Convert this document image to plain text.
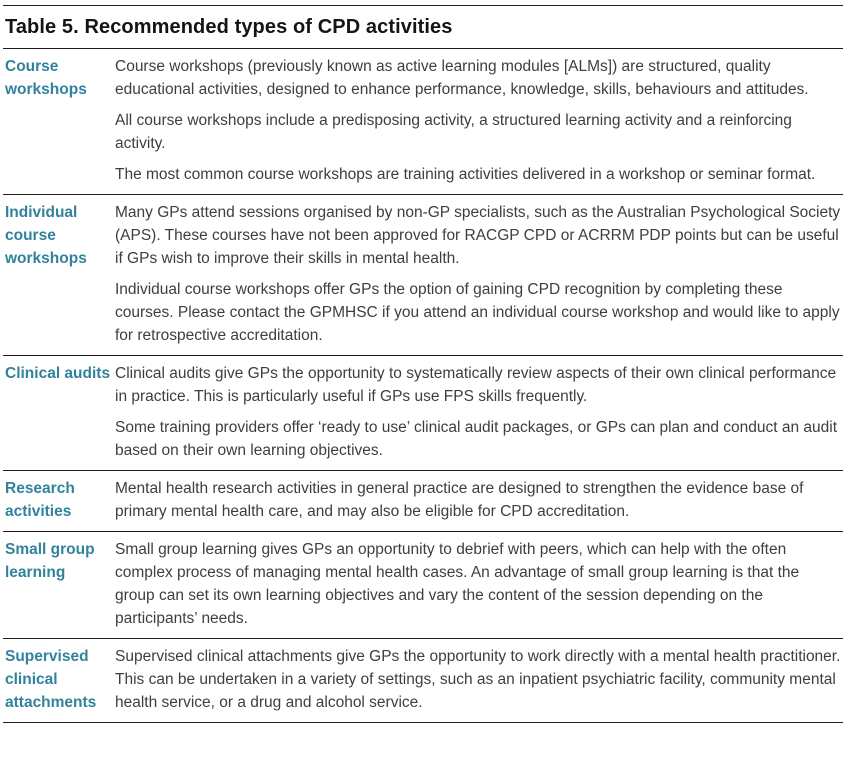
Table 5. Recommended types of CPD activities
Course workshops

Course workshops (previously known as active learning modules [ALMs]) are structured, quality educational activities, designed to enhance performance, knowledge, skills, behaviours and attitudes.

All course workshops include a predisposing activity, a structured learning activity and a reinforcing activity.

The most common course workshops are training activities delivered in a workshop or seminar format.

Individual course workshops

Many GPs attend sessions organised by non-GP specialists, such as the Australian Psychological Society (APS). These courses have not been approved for RACGP CPD or ACRRM PDP points but can be useful if GPs wish to improve their skills in mental health.

Individual course workshops offer GPs the option of gaining CPD recognition by completing these courses. Please contact the GPMHSC if you attend an individual course workshop and would like to apply for retrospective accreditation.

Clinical audits Clinical audits give GPs the opportunity to systematically review aspects of their own clinical performance in practice. This is particularly useful if GPs use FPS skills frequently.

Some training providers offer ‘ready to use’ clinical audit packages, or GPs can plan and conduct an audit based on their own learning objectives.

Research activities

Mental health research activities in general practice are designed to strengthen the evidence base of primary mental health care, and may also be eligible for CPD accreditation.

Small group learning

Small group learning gives GPs an opportunity to debrief with peers, which can help with the often complex process of managing mental health cases. An advantage of small group learning is that the group can set its own learning objectives and vary the content of the session depending on the participants’ needs.

Supervised clinical attachments

Supervised clinical attachments give GPs the opportunity to work directly with a mental health practitioner. This can be undertaken in a variety of settings, such as an inpatient psychiatric facility, community mental health service, or a drug and alcohol service.
